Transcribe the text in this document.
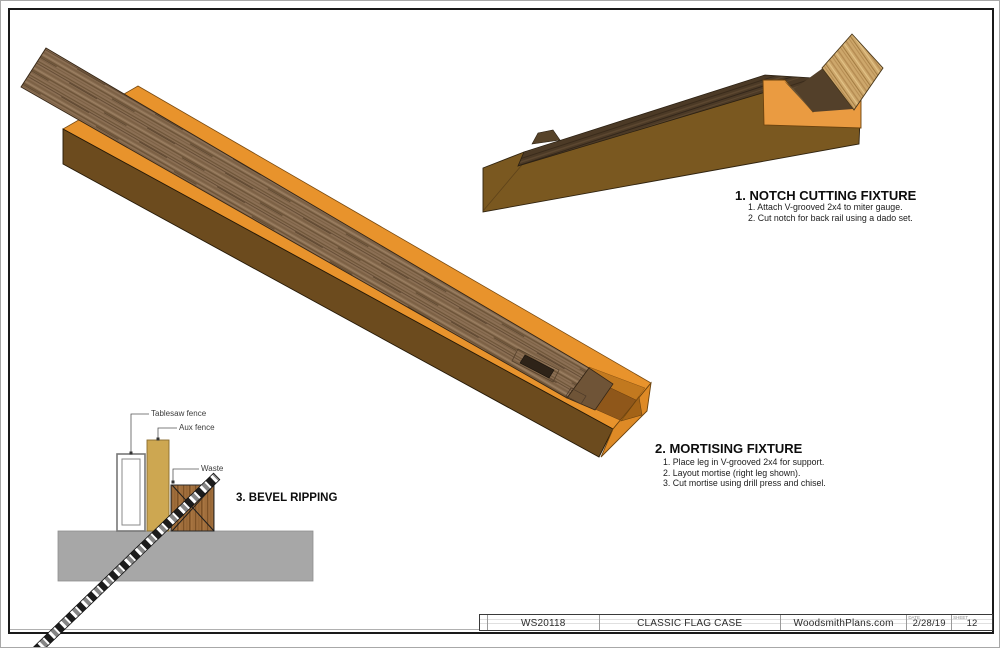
1. NOTCH CUTTING FIXTURE
1. Attach V-grooved 2x4 to miter gauge.
2. Cut notch for back rail using a dado set.
2. MORTISING FIXTURE
1. Place leg in V-grooved 2x4 for support.
2. Layout mortise (right leg shown).
3. Cut mortise using drill press and chisel.
3. BEVEL RIPPING
Tablesaw fence
Aux fence
Waste
WS20118	CLASSIC FLAG CASE	WoodsmithPlans.com
DATE
2/28/19
SHEET
12
